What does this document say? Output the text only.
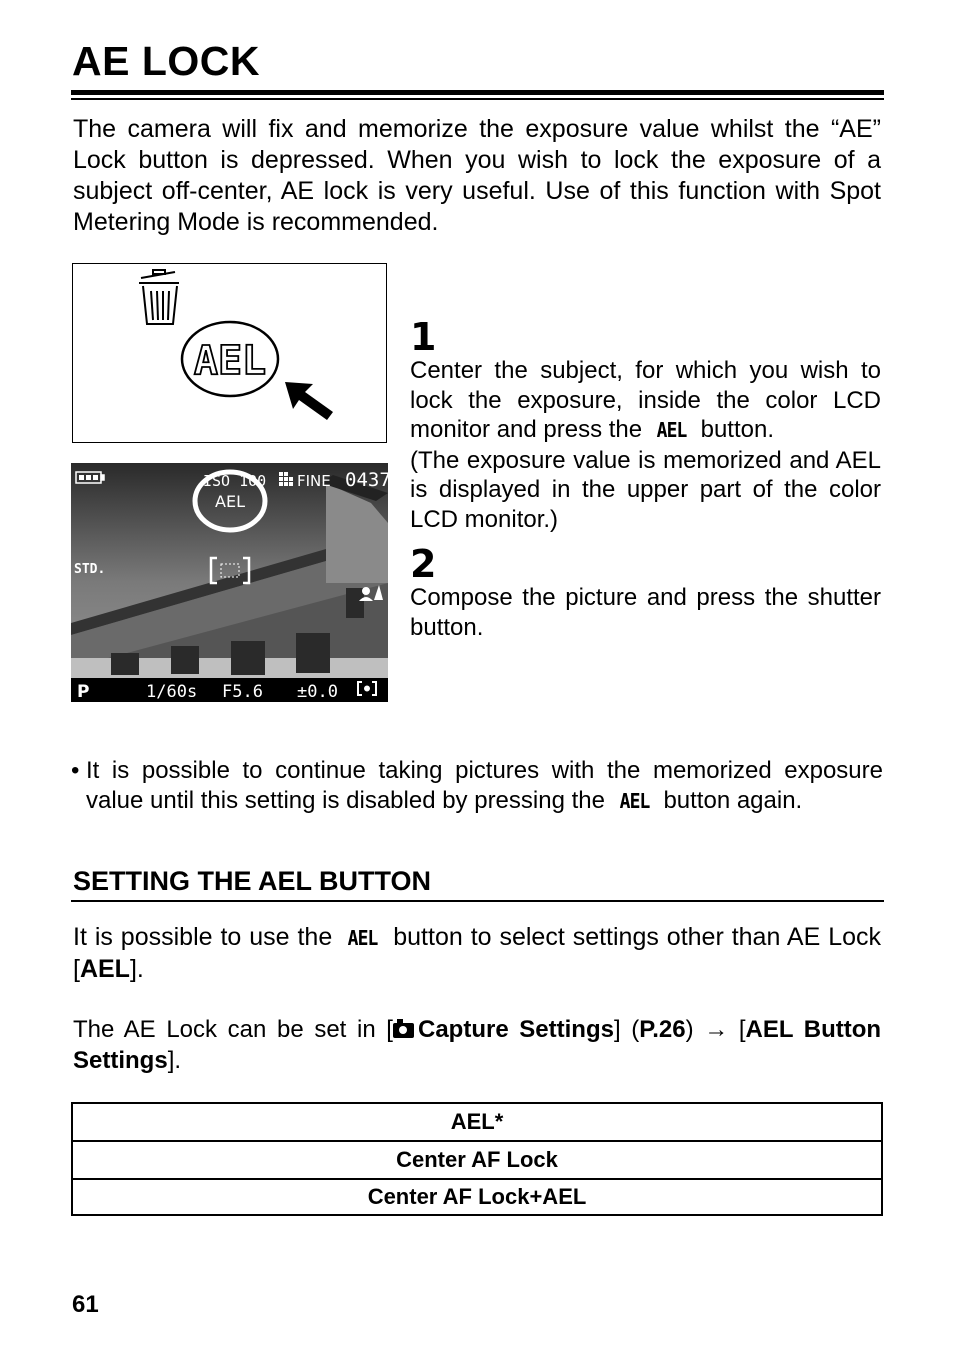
AE LOCK
The camera will fix and memorize the exposure value whilst the “AE” Lock button is depressed. When you wish to lock the exposure of a subject off-center, AE lock is very useful. Use of this function with Spot Metering Mode is recommended.
AEL
ISO 100 FINE 0437
AEL
STD.
P	1/60s F5.6 ±0.0
1
Center the subject, for which you wish to lock the exposure, inside the color LCD monitor and press the AEL button.
(The exposure value is memorized and AEL is displayed in the upper part of the color LCD monitor.)
2
Compose the picture and press the shutter button.
• It is possible to continue taking pictures with the memorized exposure value until this setting is disabled by pressing the AEL button again.
SETTING THE AEL BUTTON
It is possible to use the AEL button to select settings other than AE Lock [AEL].
The AE Lock can be set in [ Capture Settings] (P.26) → [AEL Button Settings].
AEL*
Center AF Lock
Center AF Lock+AEL
61
